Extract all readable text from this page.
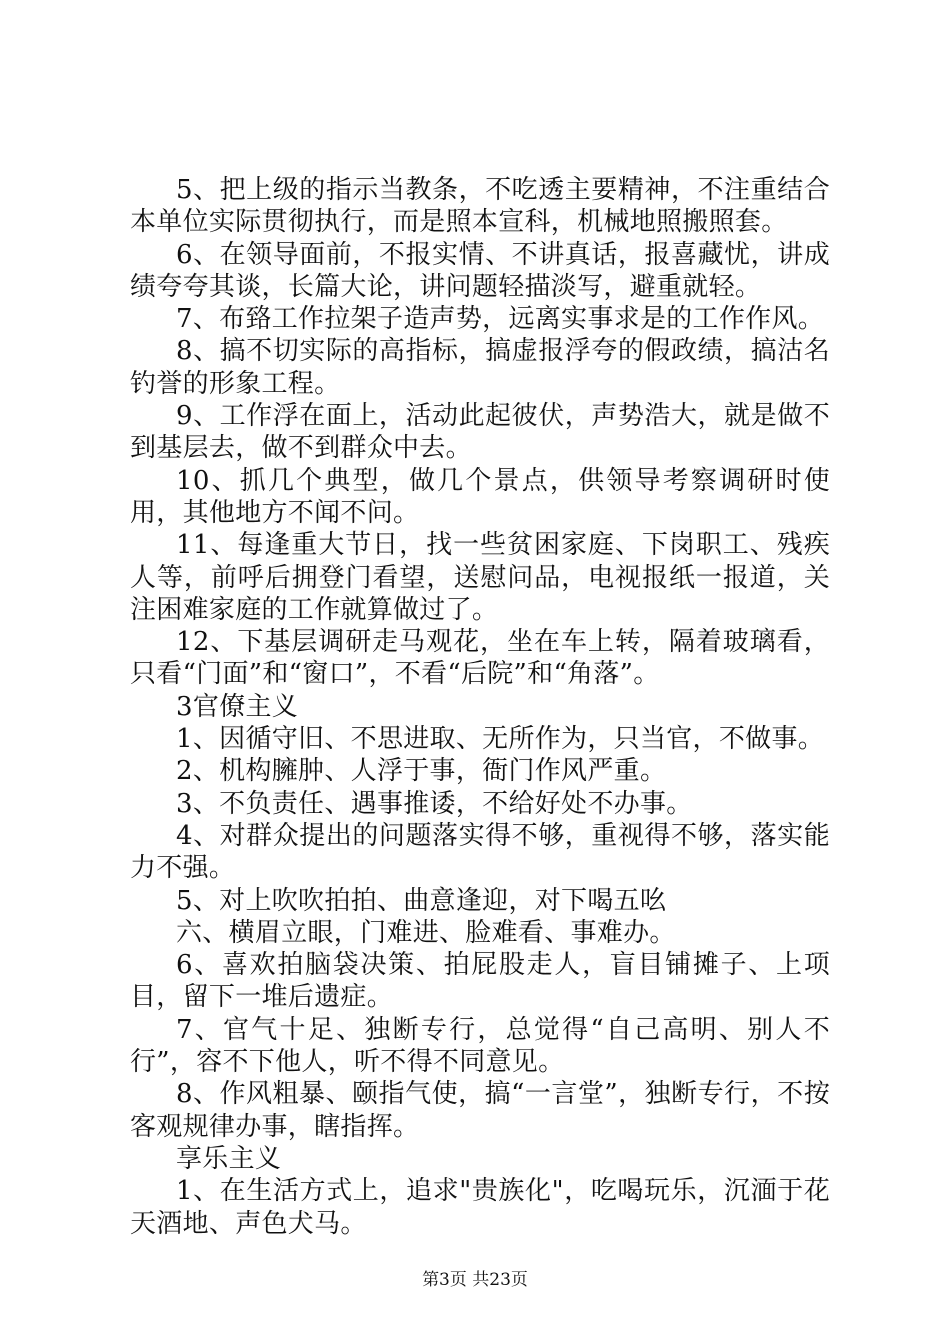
5、把上级的指示当教条，不吃透主要精神，不注重结合本单位实际贯彻执行，而是照本宣科，机械地照搬照套。

6、在领导面前，不报实情、不讲真话，报喜藏忧，讲成绩夸夸其谈，长篇大论，讲问题轻描淡写，避重就轻。

7、布臵工作拉架子造声势，远离实事求是的工作作风。

8、搞不切实际的高指标，搞虚报浮夸的假政绩，搞沽名钓誉的形象工程。

9、工作浮在面上，活动此起彼伏，声势浩大，就是做不到基层去，做不到群众中去。

10、抓几个典型，做几个景点，供领导考察调研时使用，其他地方不闻不问。

11、每逢重大节日，找一些贫困家庭、下岗职工、残疾人等，前呼后拥登门看望，送慰问品，电视报纸一报道，关注困难家庭的工作就算做过了。

12、下基层调研走马观花，坐在车上转，隔着玻璃看，只看“门面”和“窗口”，不看“后院”和“角落”。

3官僚主义

1、因循守旧、不思进取、无所作为，只当官，不做事。

2、机构臃肿、人浮于事，衙门作风严重。

3、不负责任、遇事推诿，不给好处不办事。

4、对群众提出的问题落实得不够，重视得不够，落实能力不强。

5、对上吹吹拍拍、曲意逢迎，对下喝五吆

六、横眉立眼，门难进、脸难看、事难办。

6、喜欢拍脑袋决策、拍屁股走人，盲目铺摊子、上项目，留下一堆后遗症。

7、官气十足、独断专行，总觉得“自己高明、别人不行”，容不下他人，听不得不同意见。

8、作风粗暴、颐指气使，搞“一言堂”，独断专行，不按客观规律办事，瞎指挥。

享乐主义

1、在生活方式上，追求"贵族化"，吃喝玩乐，沉湎于花天酒地、声色犬马。

第3页 共23页
